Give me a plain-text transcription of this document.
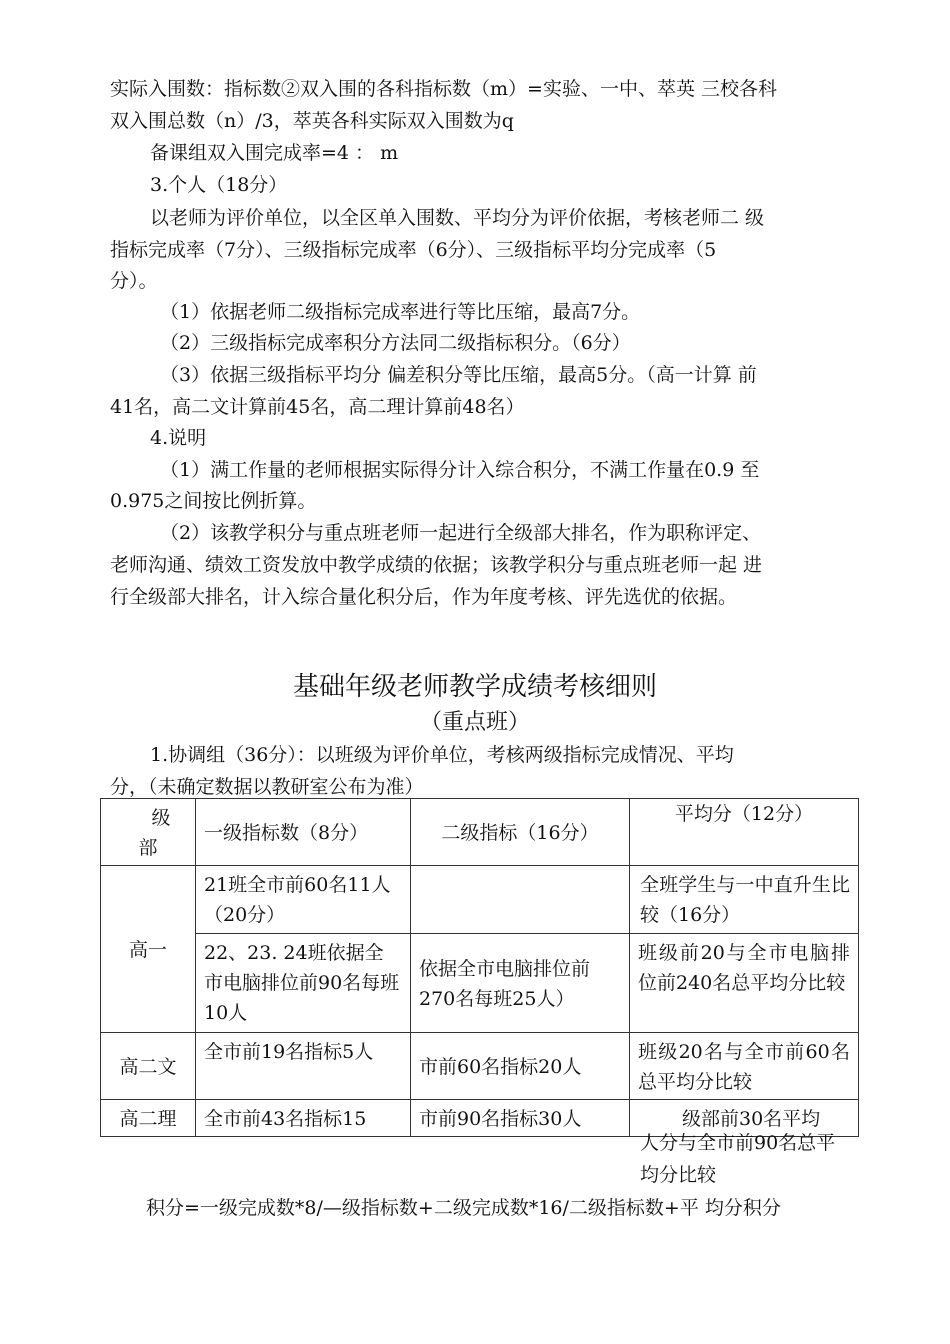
实际入围数：指标数②双入围的各科指标数（m）=实验、一中、萃英 三校各科
双入围总数（n）/3，萃英各科实际双入围数为q
备课组双入围完成率=4 ： m
3.个人（18分）
以老师为评价单位，以全区单入围数、平均分为评价依据，考核老师二 级
指标完成率（7分）、三级指标完成率（6分）、三级指标平均分完成率（5
分）。
（1）依据老师二级指标完成率进行等比压缩，最高7分。
（2）三级指标完成率积分方法同二级指标积分。（6分）
（3）依据三级指标平均分 偏差积分等比压缩，最高5分。（高一计算 前
41名，高二文计算前45名，高二理计算前48名）
4.说明
（1）满工作量的老师根据实际得分计入综合积分，不满工作量在0.9 至
0.975之间按比例折算。
（2）该教学积分与重点班老师一起进行全级部大排名，作为职称评定、
老师沟通、绩效工资发放中教学成绩的依据；该教学积分与重点班老师一起 进
行全级部大排名，计入综合量化积分后，作为年度考核、评先选优的依据。
基础年级老师教学成绩考核细则
（重点班）
1.协调组（36分）：以班级为评价单位，考核两级指标完成情况、平均
分，（未确定数据以教研室公布为准）
级
部	一级指标数（8分）	二级指标（16分）	平均分（12分）
高一	21班全市前60名11人（20分）		全班学生与一中直升生比较（16分）
	22、23. 24班依据全市电脑排位前90名每班10人	依据全市电脑排位前270名每班25人）	班级前20与全市电脑排位前240名总平均分比较
高二文	全市前19名指标5人	市前60名指标20人	班级20名与全市前60名总平均分比较
高二理	全市前43名指标15	市前90名指标30人	级部前30名平均
人分与全市前90名总平
均分比较
积分=一级完成数*8/—级指标数+二级完成数*16/二级指标数+平 均分积分
